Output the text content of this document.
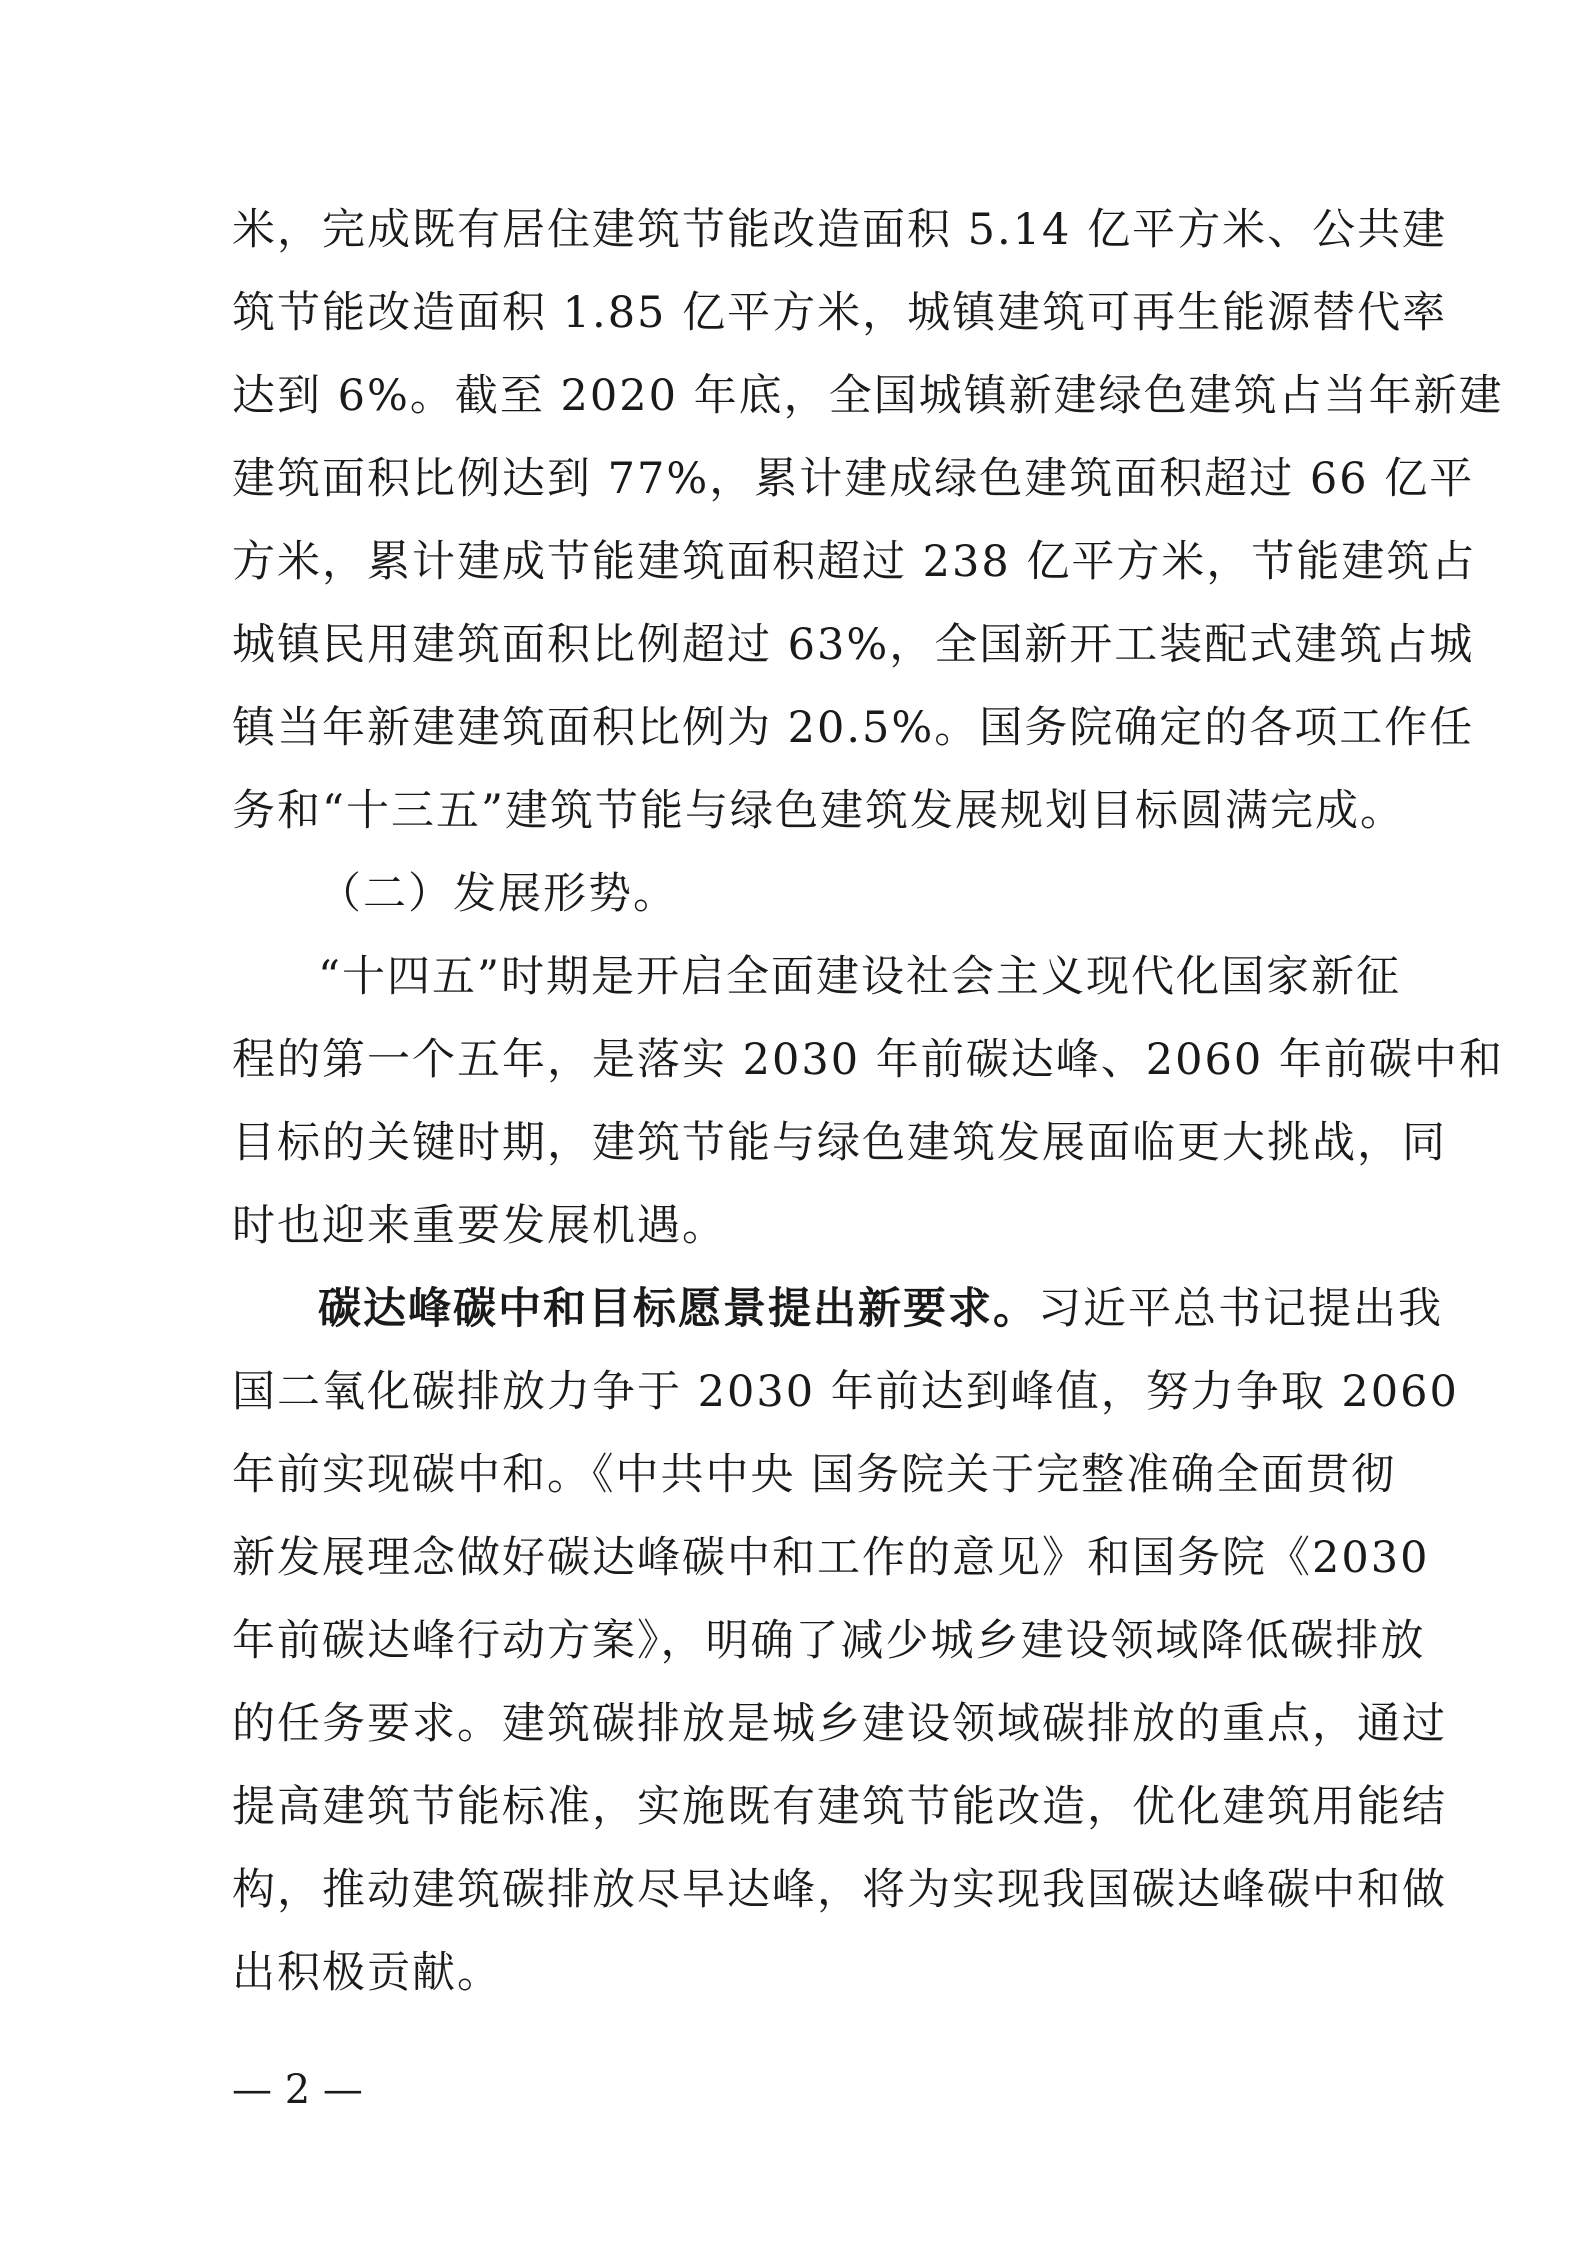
米，完成既有居住建筑节能改造面积 5.14 亿平方米、公共建
筑节能改造面积 1.85 亿平方米，城镇建筑可再生能源替代率
达到 6%。截至 2020 年底，全国城镇新建绿色建筑占当年新建
建筑面积比例达到 77%，累计建成绿色建筑面积超过 66 亿平
方米，累计建成节能建筑面积超过 238 亿平方米，节能建筑占
城镇民用建筑面积比例超过 63%，全国新开工装配式建筑占城
镇当年新建建筑面积比例为 20.5%。国务院确定的各项工作任
务和“十三五”建筑节能与绿色建筑发展规划目标圆满完成。
（二）发展形势。
“十四五”时期是开启全面建设社会主义现代化国家新征
程的第一个五年，是落实 2030 年前碳达峰、2060 年前碳中和
目标的关键时期，建筑节能与绿色建筑发展面临更大挑战，同
时也迎来重要发展机遇。
碳达峰碳中和目标愿景提出新要求。习近平总书记提出我
国二氧化碳排放力争于 2030 年前达到峰值，努力争取 2060
年前实现碳中和。《中共中央 国务院关于完整准确全面贯彻
新发展理念做好碳达峰碳中和工作的意见》和国务院《2030
年前碳达峰行动方案》，明确了减少城乡建设领域降低碳排放
的任务要求。建筑碳排放是城乡建设领域碳排放的重点，通过
提高建筑节能标准，实施既有建筑节能改造，优化建筑用能结
构，推动建筑碳排放尽早达峰，将为实现我国碳达峰碳中和做
出积极贡献。
— 2 —
